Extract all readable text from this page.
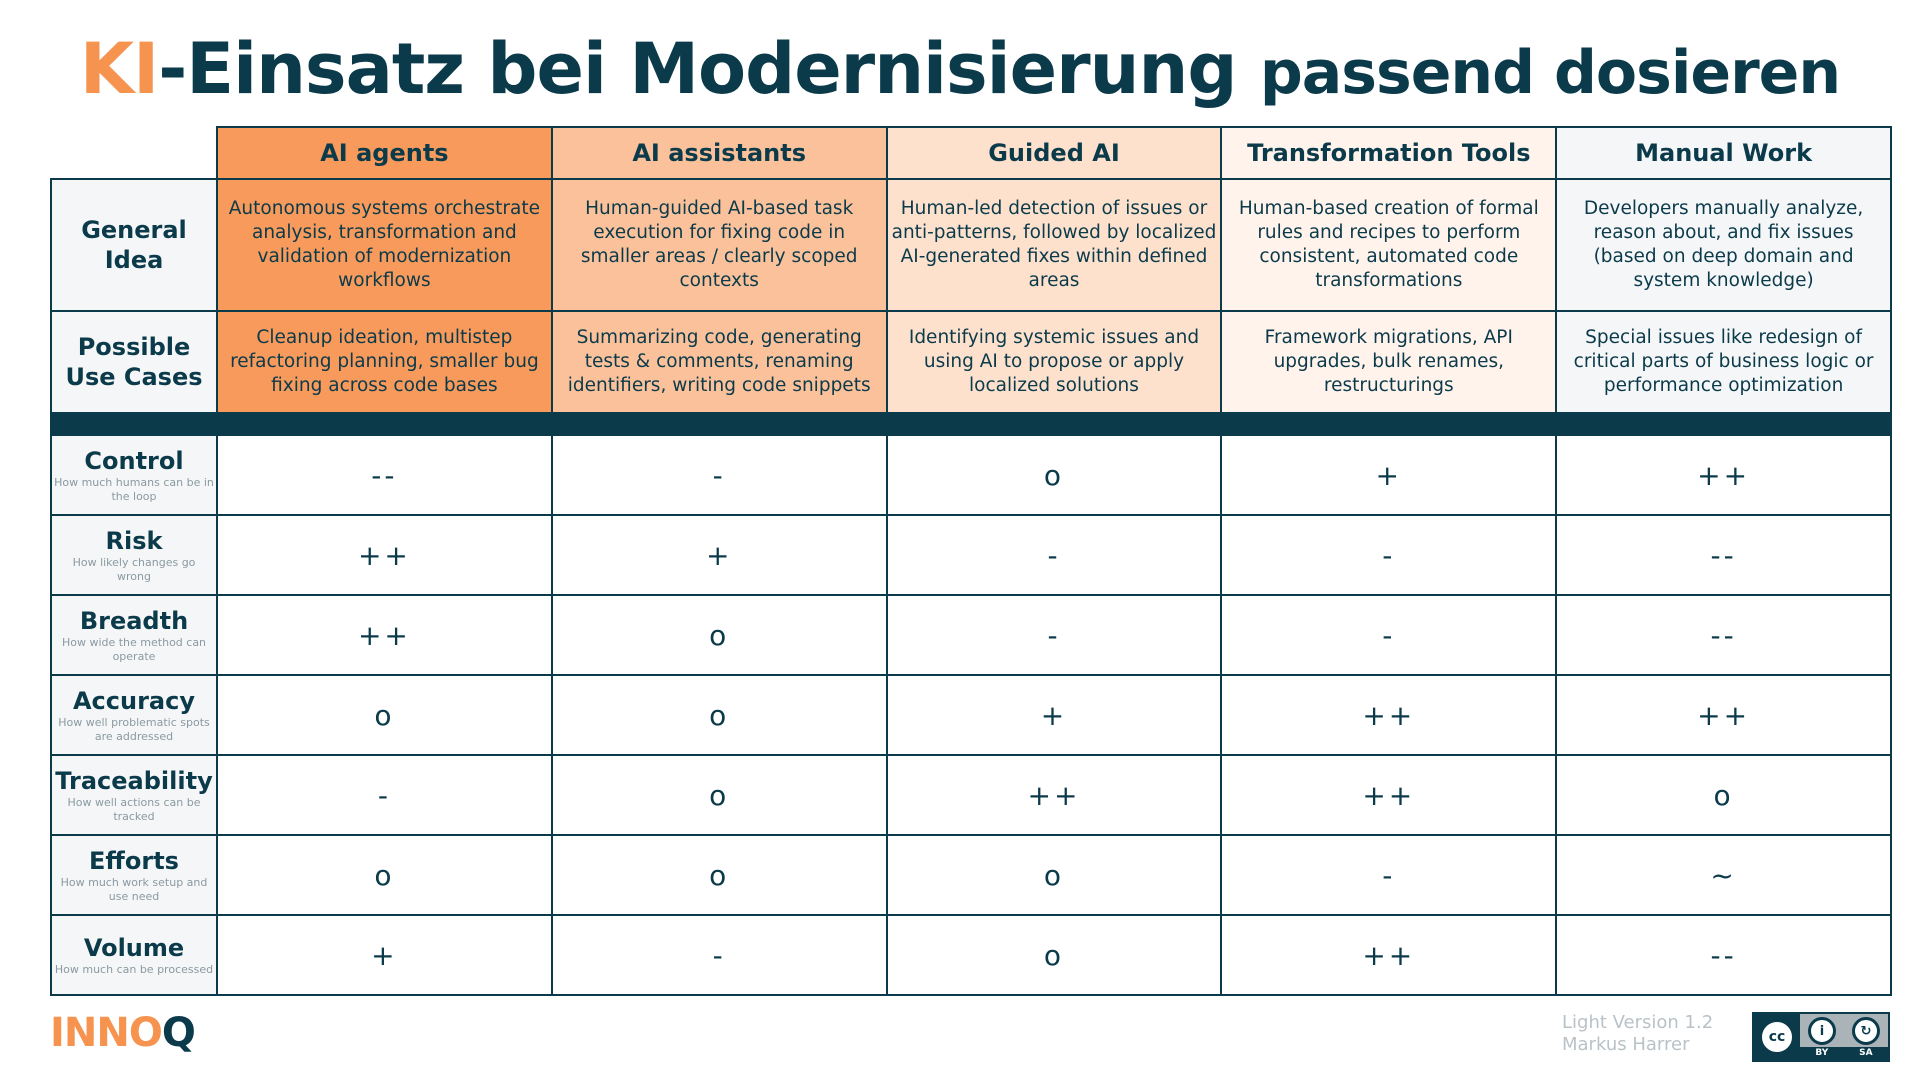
KI-Einsatz bei Modernisierung passend dosieren
	AI agents	AI assistants	Guided AI	Transformation Tools	Manual Work

General Idea	Autonomous systems orchestrate analysis, transformation and validation of modernization workflows	Human-guided AI-based task execution for fixing code in smaller areas / clearly scoped contexts	Human-led detection of issues or anti-patterns, followed by localized AI-generated fixes within defined areas	Human-based creation of formal rules and recipes to perform consistent, automated code transformations	Developers manually analyze, reason about, and fix issues (based on deep domain and system knowledge)

Possible Use Cases	Cleanup ideation, multistep refactoring planning, smaller bug fixing across code bases	Summarizing code, generating tests & comments, renaming identifiers, writing code snippets	Identifying systemic issues and using AI to propose or apply localized solutions	Framework migrations, API upgrades, bulk renames, restructurings	Special issues like redesign of critical parts of business logic or performance optimization

Control
How much humans can be in the loop	--	-	o	+	++

Risk
How likely changes go wrong	++	+	-	-	--

Breadth
How wide the method can operate	++	o	-	-	--

Accuracy
How well problematic spots are addressed	o	o	+	++	++

Traceability
How well actions can be tracked	-	o	++	++	o

Efforts
How much work setup and use need	o	o	o	-	~

Volume
How much can be processed	+	-	o	++	--
INNOQ	Light Version 1.2
Markus Harrer	cc	i	↻
BY	SA
